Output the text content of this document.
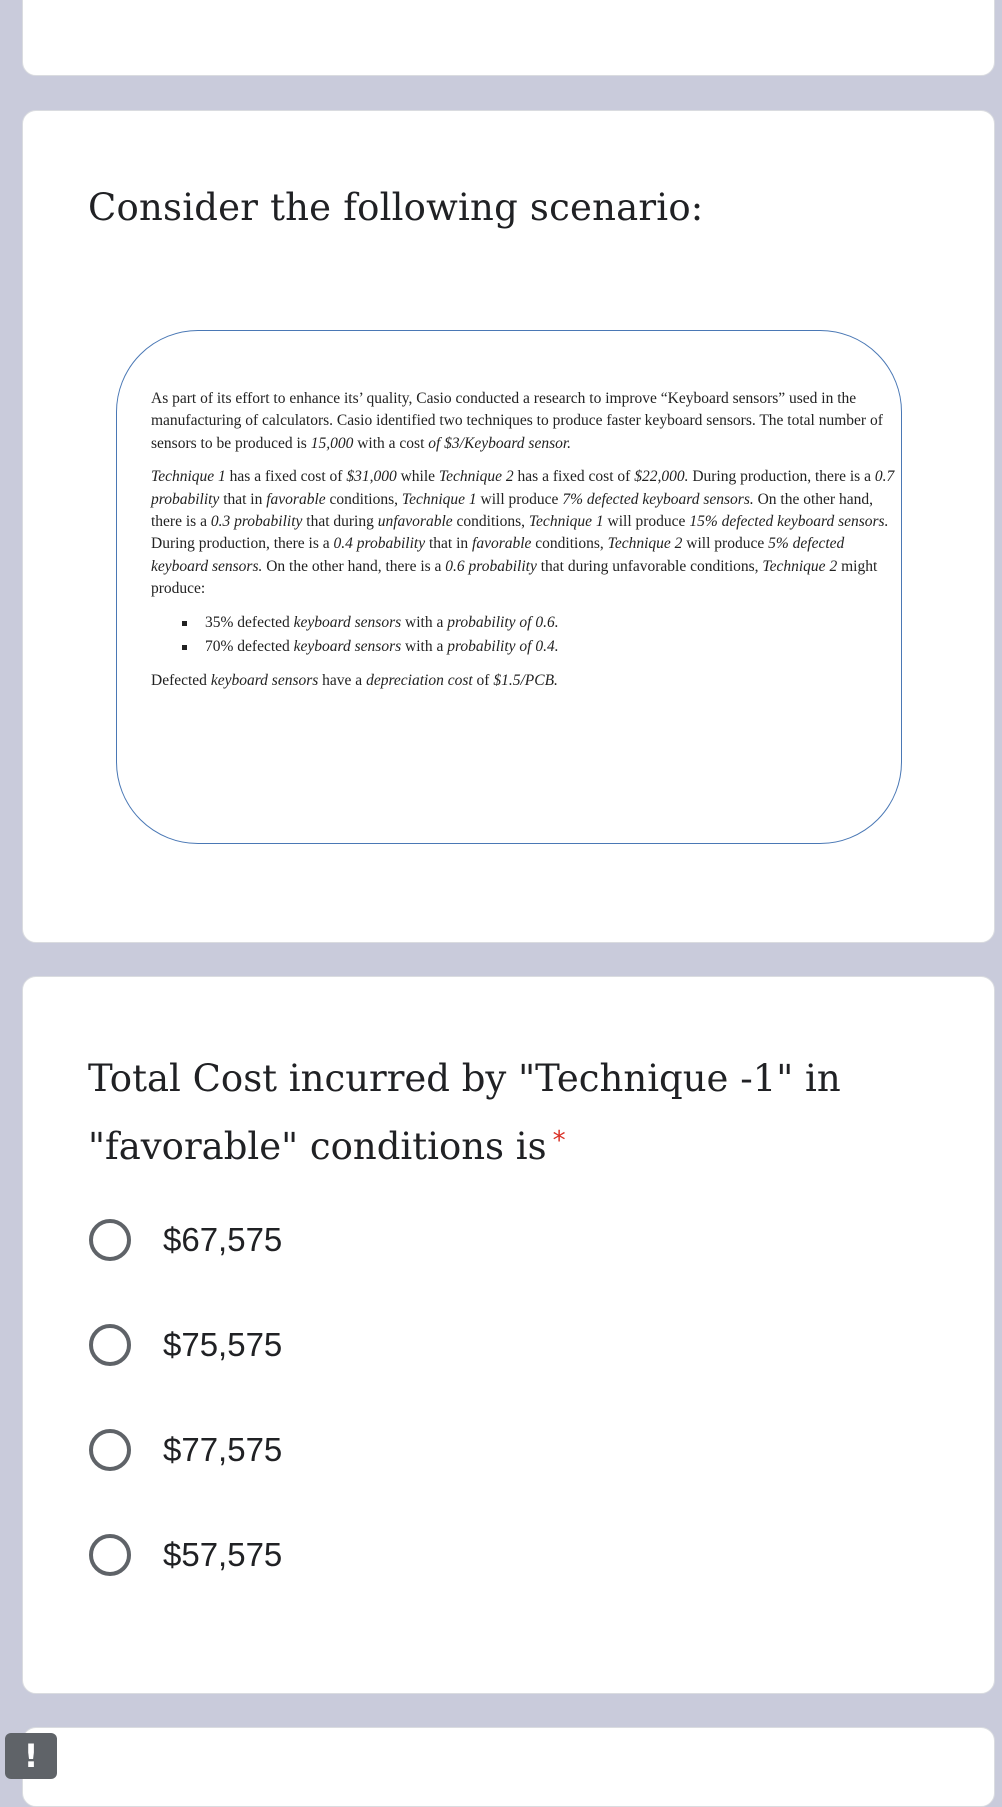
Consider the following scenario:

As part of its effort to enhance its’ quality, Casio conducted a research to improve “Keyboard sensors” used in the manufacturing of calculators. Casio identified two techniques to produce faster keyboard sensors. The total number of sensors to be produced is 15,000 with a cost of $3/Keyboard sensor.

Technique 1 has a fixed cost of $31,000 while Technique 2 has a fixed cost of $22,000. During production, there is a 0.7 probability that in favorable conditions, Technique 1 will produce 7% defected keyboard sensors. On the other hand, there is a 0.3 probability that during unfavorable conditions, Technique 1 will produce 15% defected keyboard sensors. During production, there is a 0.4 probability that in favorable conditions, Technique 2 will produce 5% defected keyboard sensors. On the other hand, there is a 0.6 probability that during unfavorable conditions, Technique 2 might produce:

35% defected keyboard sensors with a probability of 0.6.
70% defected keyboard sensors with a probability of 0.4.

Defected keyboard sensors have a depreciation cost of $1.5/PCB.

Total Cost incurred by "Technique -1" in "favorable" conditions is *
$67,575
$75,575
$77,575
$57,575
!
